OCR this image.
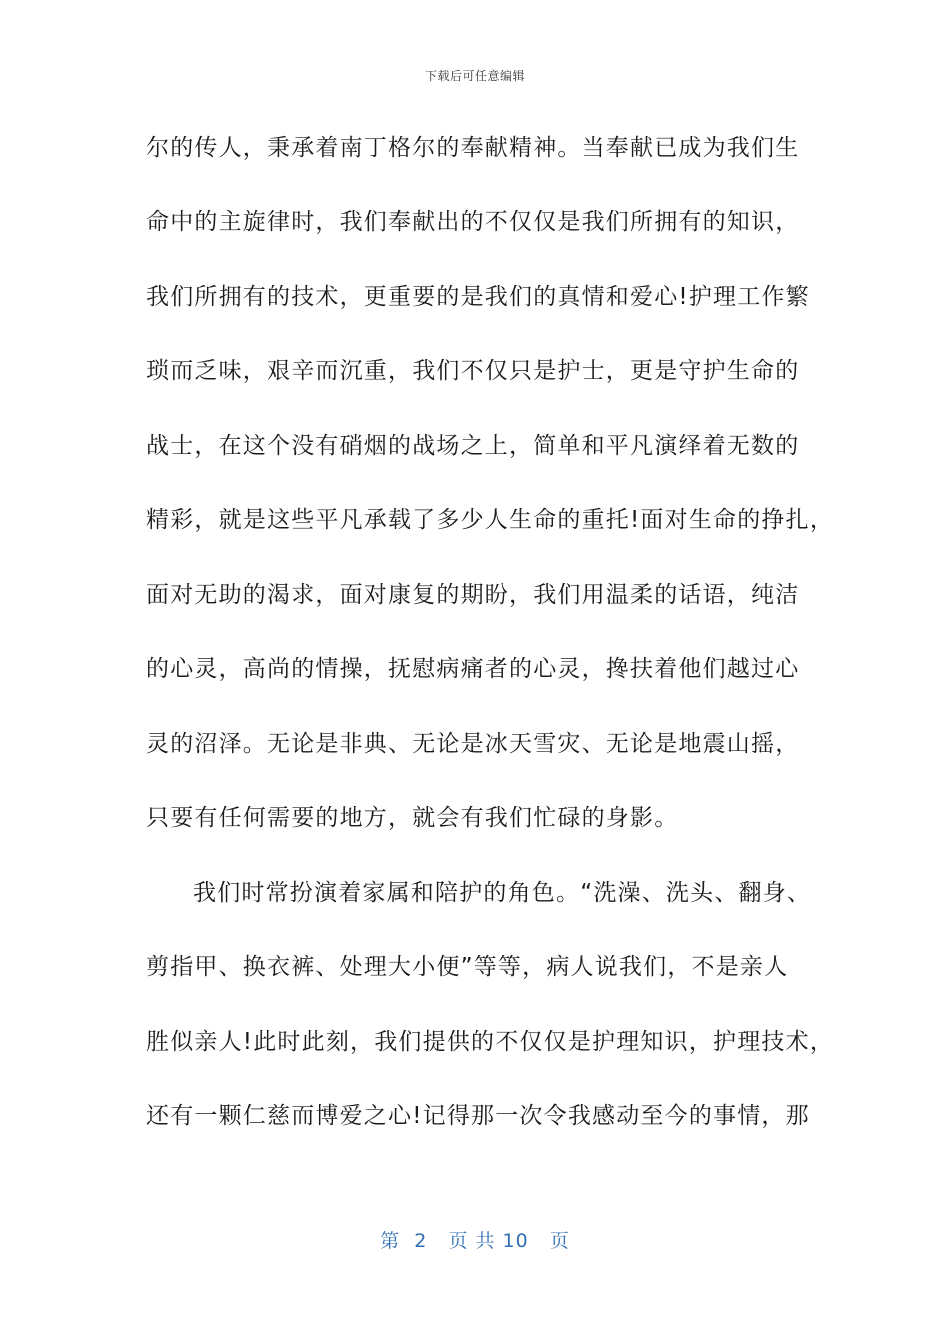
下载后可任意编辑
尔的传人，秉承着南丁格尔的奉献精神。当奉献已成为我们生
命中的主旋律时，我们奉献出的不仅仅是我们所拥有的知识，
我们所拥有的技术，更重要的是我们的真情和爱心!护理工作繁
琐而乏味，艰辛而沉重，我们不仅只是护士，更是守护生命的
战士，在这个没有硝烟的战场之上，简单和平凡演绎着无数的
精彩，就是这些平凡承载了多少人生命的重托!面对生命的挣扎，
面对无助的渴求，面对康复的期盼，我们用温柔的话语，纯洁
的心灵，高尚的情操，抚慰病痛者的心灵，搀扶着他们越过心
灵的沼泽。无论是非典、无论是冰天雪灾、无论是地震山摇，
只要有任何需要的地方，就会有我们忙碌的身影。
我们时常扮演着家属和陪护的角色。“洗澡、洗头、翻身、
剪指甲、换衣裤、处理大小便”等等，病人说我们，不是亲人
胜似亲人!此时此刻，我们提供的不仅仅是护理知识，护理技术，
还有一颗仁慈而博爱之心!记得那一次令我感动至今的事情，那
第  2   页 共 10   页
